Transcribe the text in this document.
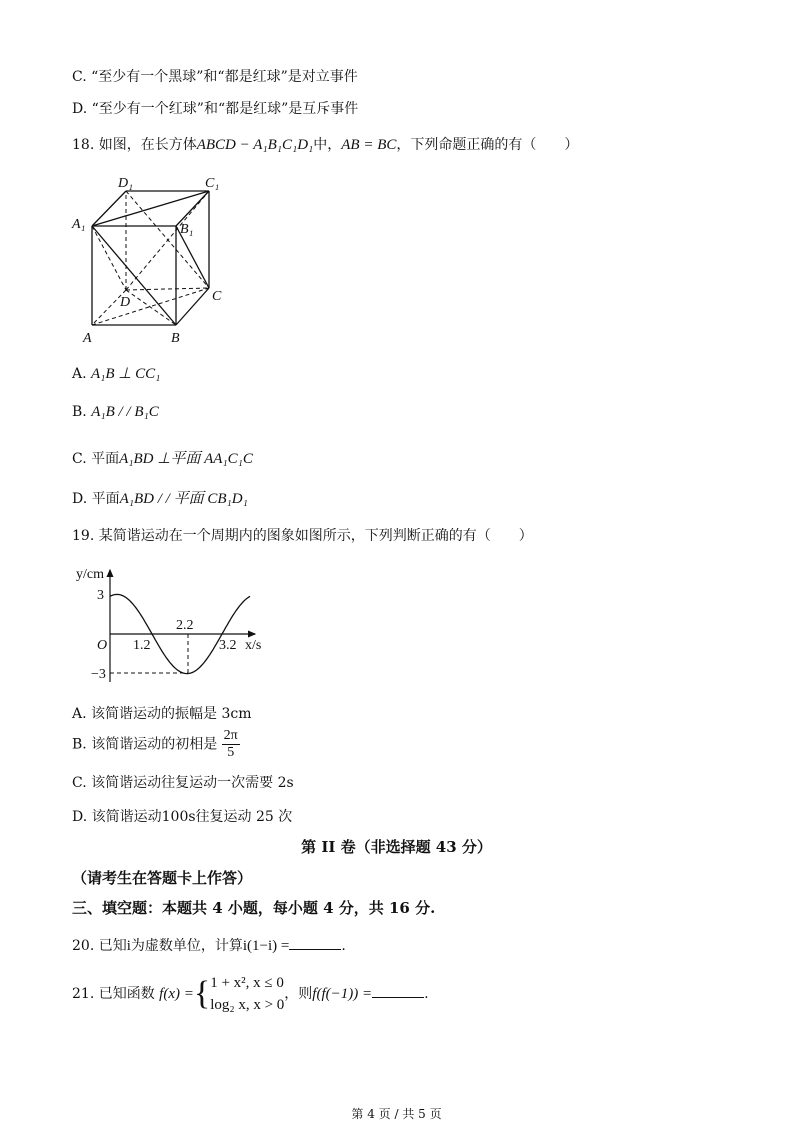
C. “至少有一个黑球”和“都是红球”是对立事件
D. “至少有一个红球”和“都是红球”是互斥事件
18. 如图，在长方体ABCD − A₁B₁C₁D₁中，AB = BC，下列命题正确的有（　　）
A	B
C
D
A₁	B₁
C₁
D₁
A. A₁B ⊥ CC₁
B. A₁B / / B₁C
C. 平面A₁BD ⊥平面 AA₁C₁C
D. 平面A₁BD / / 平面 CB₁D₁
19. 某简谐运动在一个周期内的图象如图所示，下列判断正确的有（　　）
y/cm
3
−3
O 1.2
2.2
3.2 x/s
A. 该简谐运动的振幅是 3cm
B. 该简谐运动的初相是 $\frac{2\pi}{5}$
C. 该简谐运动往复运动一次需要 2s
D. 该简谐运动100s往复运动 25 次
第 II 卷（非选择题 43 分）
（请考生在答题卡上作答）
三、填空题：本题共 4 小题，每小题 4 分，共 16 分.
20. 已知i为虚数单位，计算i(1−i) =	.
21. 已知函数 f(x) ={ 1 + x², x ≤ 0
log₂ x, x > 0
，则f(f(−1)) =	.
第 4 页 / 共 5 页
